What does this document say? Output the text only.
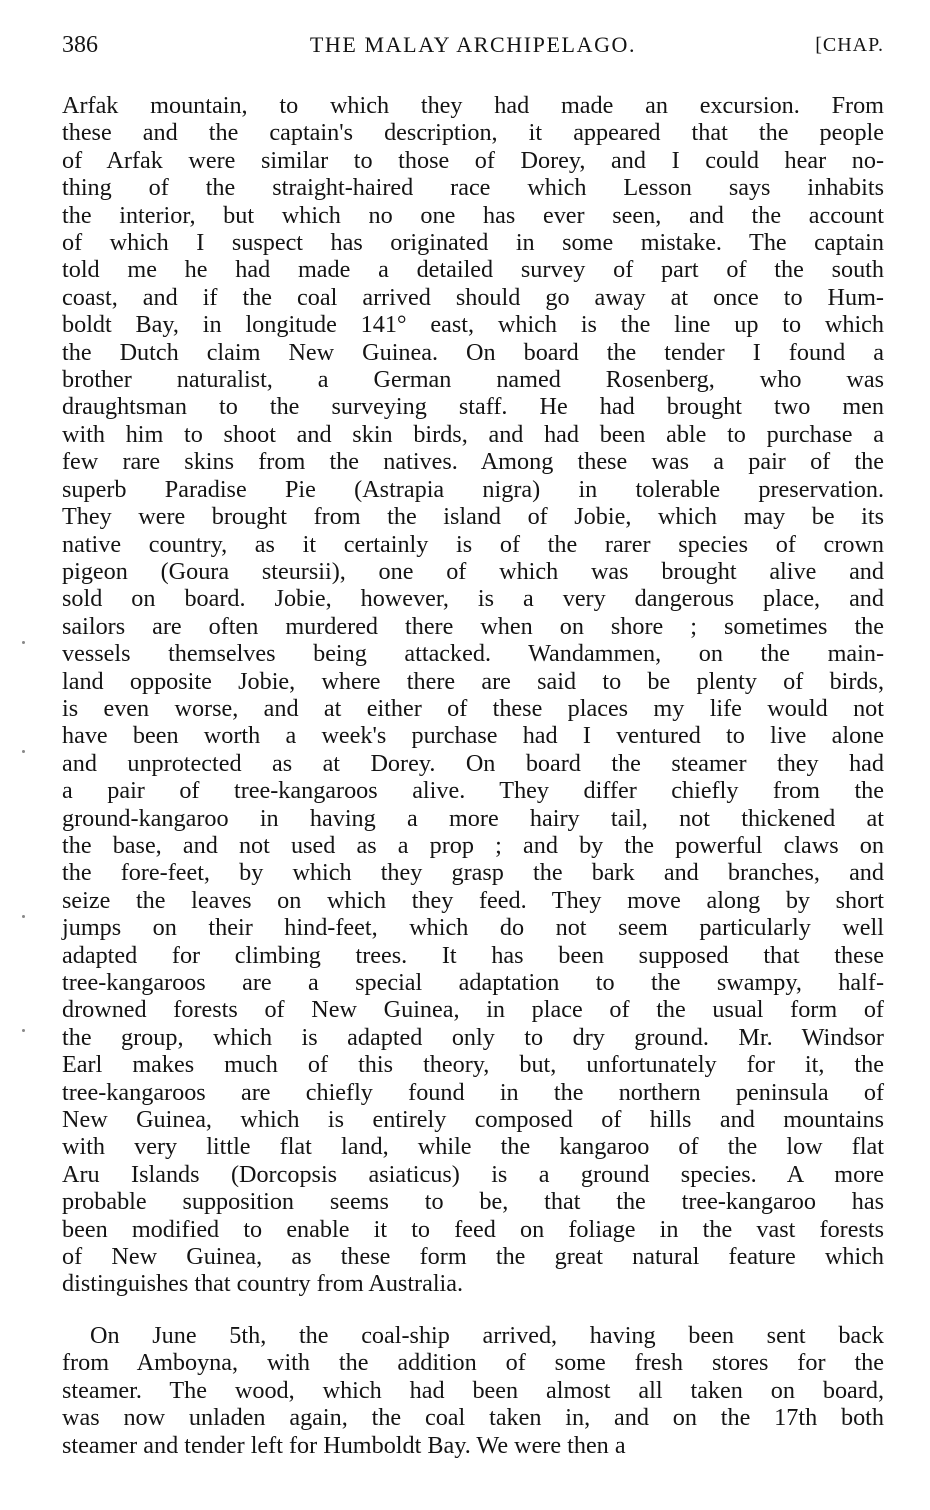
386	THE MALAY ARCHIPELAGO.	[CHAP.

Arfak mountain, to which they had made an excursion. From
these and the captain's description, it appeared that the people
of Arfak were similar to those of Dorey, and I could hear no-
thing of the straight-haired race which Lesson says inhabits
the interior, but which no one has ever seen, and the account
of which I suspect has originated in some mistake. The captain
told me he had made a detailed survey of part of the south
coast, and if the coal arrived should go away at once to Hum-
boldt Bay, in longitude 141° east, which is the line up to which
the Dutch claim New Guinea. On board the tender I found a
brother naturalist, a German named Rosenberg, who was
draughtsman to the surveying staff. He had brought two men
with him to shoot and skin birds, and had been able to purchase a
few rare skins from the natives. Among these was a pair of the
superb Paradise Pie (Astrapia nigra) in tolerable preservation.
They were brought from the island of Jobie, which may be its
native country, as it certainly is of the rarer species of crown
pigeon (Goura steursii), one of which was brought alive and
sold on board. Jobie, however, is a very dangerous place, and
sailors are often murdered there when on shore ; sometimes the
vessels themselves being attacked. Wandammen, on the main-
land opposite Jobie, where there are said to be plenty of birds,
is even worse, and at either of these places my life would not
have been worth a week's purchase had I ventured to live alone
and unprotected as at Dorey. On board the steamer they had
a pair of tree-kangaroos alive. They differ chiefly from the
ground-kangaroo in having a more hairy tail, not thickened at
the base, and not used as a prop ; and by the powerful claws on
the fore-feet, by which they grasp the bark and branches, and
seize the leaves on which they feed. They move along by short
jumps on their hind-feet, which do not seem particularly well
adapted for climbing trees. It has been supposed that these
tree-kangaroos are a special adaptation to the swampy, half-
drowned forests of New Guinea, in place of the usual form of
the group, which is adapted only to dry ground. Mr. Windsor
Earl makes much of this theory, but, unfortunately for it, the
tree-kangaroos are chiefly found in the northern peninsula of
New Guinea, which is entirely composed of hills and mountains
with very little flat land, while the kangaroo of the low flat
Aru Islands (Dorcopsis asiaticus) is a ground species. A more
probable supposition seems to be, that the tree-kangaroo has
been modified to enable it to feed on foliage in the vast forests
of New Guinea, as these form the great natural feature which
distinguishes that country from Australia.

On June 5th, the coal-ship arrived, having been sent back
from Amboyna, with the addition of some fresh stores for the
steamer. The wood, which had been almost all taken on board,
was now unladen again, the coal taken in, and on the 17th both
steamer and tender left for Humboldt Bay. We were then a
